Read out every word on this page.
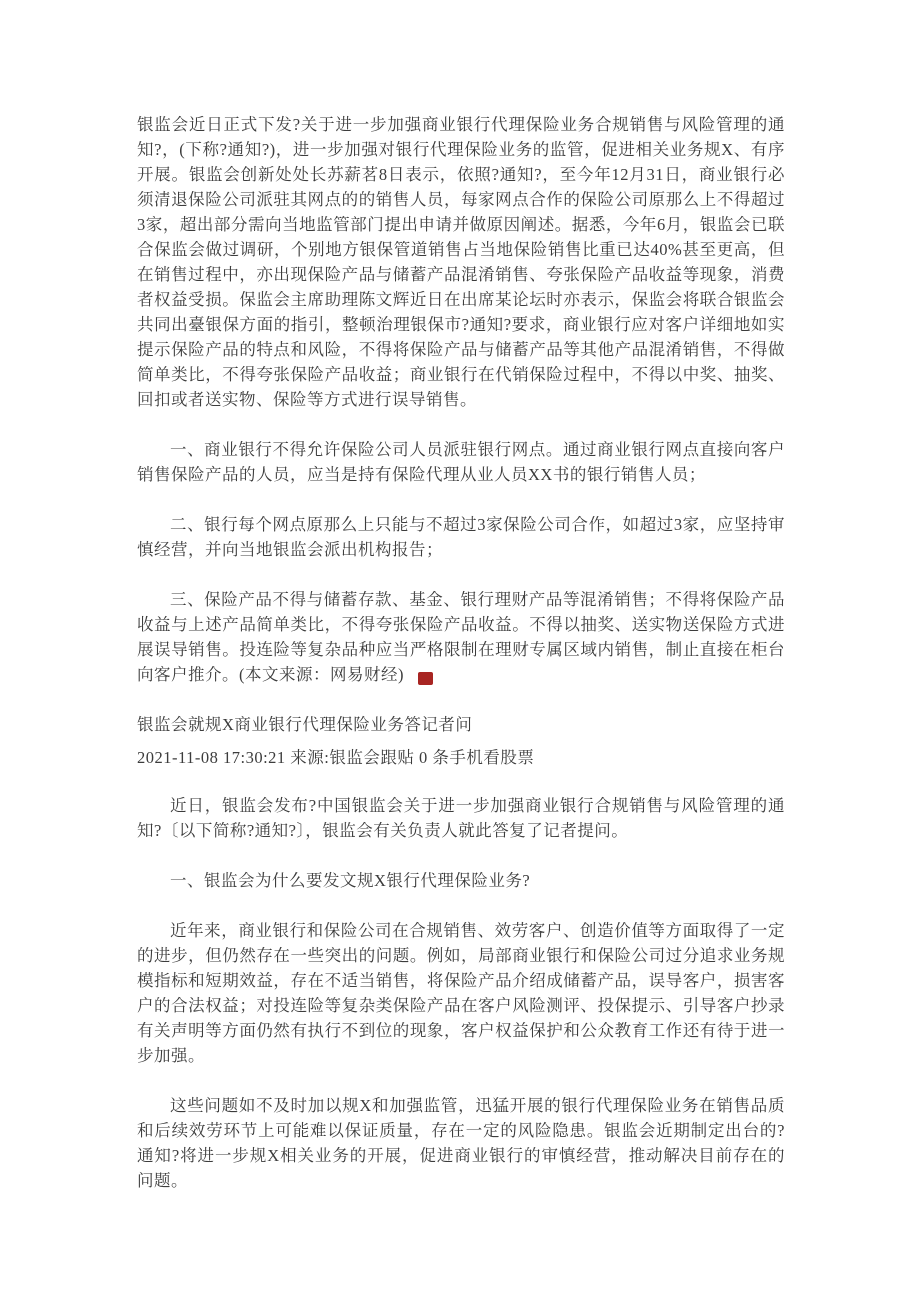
银监会近日正式下发?关于进一步加强商业银行代理保险业务合规销售与风险管理的通知?，(下称?通知?)，进一步加强对银行代理保险业务的监管，促进相关业务规X、有序开展。银监会创新处处长苏薪茗8日表示，依照?通知?，至今年12月31日，商业银行必须清退保险公司派驻其网点的的销售人员，每家网点合作的保险公司原那么上不得超过3家，超出部分需向当地监管部门提出申请并做原因阐述。据悉，今年6月，银监会已联合保监会做过调研，个别地方银保管道销售占当地保险销售比重已达40%甚至更高，但在销售过程中，亦出现保险产品与储蓄产品混淆销售、夸张保险产品收益等现象，消费者权益受损。保监会主席助理陈文辉近日在出席某论坛时亦表示，保监会将联合银监会共同出臺银保方面的指引，整顿治理银保市?通知?要求，商业银行应对客户详细地如实提示保险产品的特点和风险，不得将保险产品与储蓄产品等其他产品混淆销售，不得做简单类比，不得夸张保险产品收益；商业银行在代销保险过程中，不得以中奖、抽奖、回扣或者送实物、保险等方式进行误导销售。

一、商业银行不得允许保险公司人员派驻银行网点。通过商业银行网点直接向客户销售保险产品的人员，应当是持有保险代理从业人员XX书的银行销售人员；

二、银行每个网点原那么上只能与不超过3家保险公司合作，如超过3家，应坚持审慎经营，并向当地银监会派出机构报告；

三、保险产品不得与储蓄存款、基金、银行理财产品等混淆销售；不得将保险产品收益与上述产品简单类比，不得夸张保险产品收益。不得以抽奖、送实物送保险方式进展误导销售。投连险等复杂品种应当严格限制在理财专属区域内销售，制止直接在柜台向客户推介。(本文来源：网易财经)	F

银监会就规X商业银行代理保险业务答记者问
2021-11-08 17:30:21 来源:银监会跟贴 0 条手机看股票

近日，银监会发布?中国银监会关于进一步加强商业银行合规销售与风险管理的通知?〔以下简称?通知?〕，银监会有关负责人就此答复了记者提问。

一、银监会为什么要发文规X银行代理保险业务?

近年来，商业银行和保险公司在合规销售、效劳客户、创造价值等方面取得了一定的进步，但仍然存在一些突出的问题。例如，局部商业银行和保险公司过分追求业务规模指标和短期效益，存在不适当销售，将保险产品介绍成储蓄产品，误导客户，损害客户的合法权益；对投连险等复杂类保险产品在客户风险测评、投保提示、引导客户抄录有关声明等方面仍然有执行不到位的现象，客户权益保护和公众教育工作还有待于进一步加强。

这些问题如不及时加以规X和加强监管，迅猛开展的银行代理保险业务在销售品质和后续效劳环节上可能难以保证质量，存在一定的风险隐患。银监会近期制定出台的?通知?将进一步规X相关业务的开展，促进商业银行的审慎经营，推动解决目前存在的问题。
